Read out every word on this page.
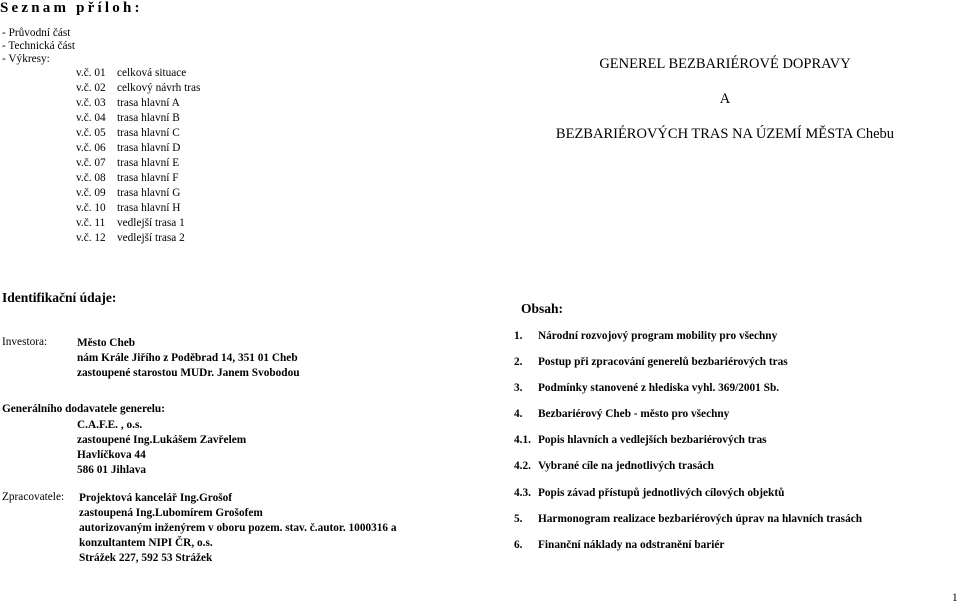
Seznam příloh:
- Průvodní část
- Technická část
- Výkresy:
v.č. 01 celková situace
v.č. 02 celkový návrh tras
v.č. 03 trasa hlavní A
v.č. 04 trasa hlavní B
v.č. 05 trasa hlavní C
v.č. 06 trasa hlavní D
v.č. 07 trasa hlavní E
v.č. 08 trasa hlavní F
v.č. 09 trasa hlavní G
v.č. 10 trasa hlavní H
v.č. 11 vedlejší trasa 1
v.č. 12 vedlejší trasa 2
GENEREL BEZBARIÉROVÉ DOPRAVY
A
BEZBARIÉROVÝCH TRAS NA ÚZEMÍ MĚSTA Chebu
Identifikační údaje:
Investora:	Město Cheb
nám Krále Jiřího z Poděbrad 14, 351 01 Cheb
zastoupené starostou MUDr. Janem Svobodou
Generálního dodavatele generelu:
C.A.F.E. , o.s.
zastoupené Ing.Lukášem Zavřelem
Havlíčkova 44
586 01 Jihlava
Zpracovatele: Projektová kancelář Ing.Grošof
zastoupená Ing.Lubomírem Grošofem
autorizovaným inženýrem v oboru pozem. stav. č.autor. 1000316 a
konzultantem NIPI ČR, o.s.
Strážek 227, 592 53 Strážek
Obsah:
1. Národní rozvojový program mobility pro všechny
2. Postup při zpracování generelů bezbariérových tras
3. Podmínky stanovené z hlediska vyhl. 369/2001 Sb.
4. Bezbariérový Cheb - město pro všechny
4.1. Popis hlavních a vedlejších bezbariérových tras
4.2. Vybrané cíle na jednotlivých trasách
4.3. Popis závad přístupů jednotlivých cílových objektů
5. Harmonogram realizace bezbariérových úprav na hlavních trasách
6. Finanční náklady na odstranění bariér
1
